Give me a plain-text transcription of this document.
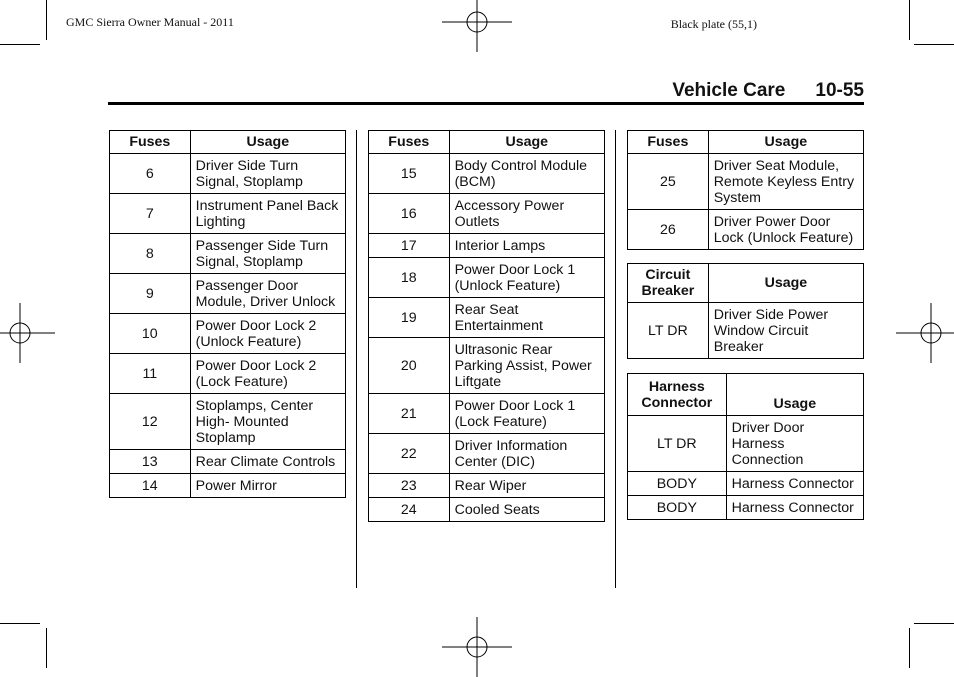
GMC Sierra Owner Manual - 2011	Black plate (55,1)
Vehicle Care 10-55
Fuses	Usage
6	Driver Side Turn Signal, Stoplamp
7	Instrument Panel Back Lighting
8	Passenger Side Turn Signal, Stoplamp
9	Passenger Door Module, Driver Unlock
10	Power Door Lock 2 (Unlock Feature)
11	Power Door Lock 2 (Lock Feature)
12	Stoplamps, Center High- Mounted Stoplamp
13	Rear Climate Controls
14	Power Mirror
Fuses	Usage
15	Body Control Module (BCM)
16	Accessory Power Outlets
17	Interior Lamps
18	Power Door Lock 1 (Unlock Feature)
19	Rear Seat Entertainment
20	Ultrasonic Rear Parking Assist, Power Liftgate
21	Power Door Lock 1 (Lock Feature)
22	Driver Information Center (DIC)
23	Rear Wiper
24	Cooled Seats
Fuses	Usage
25	Driver Seat Module, Remote Keyless Entry System
26	Driver Power Door Lock (Unlock Feature)
Circuit Breaker	Usage
LT DR	Driver Side Power Window Circuit Breaker
Harness Connector	Usage
LT DR	Driver Door Harness Connection
BODY	Harness Connector
BODY	Harness Connector
